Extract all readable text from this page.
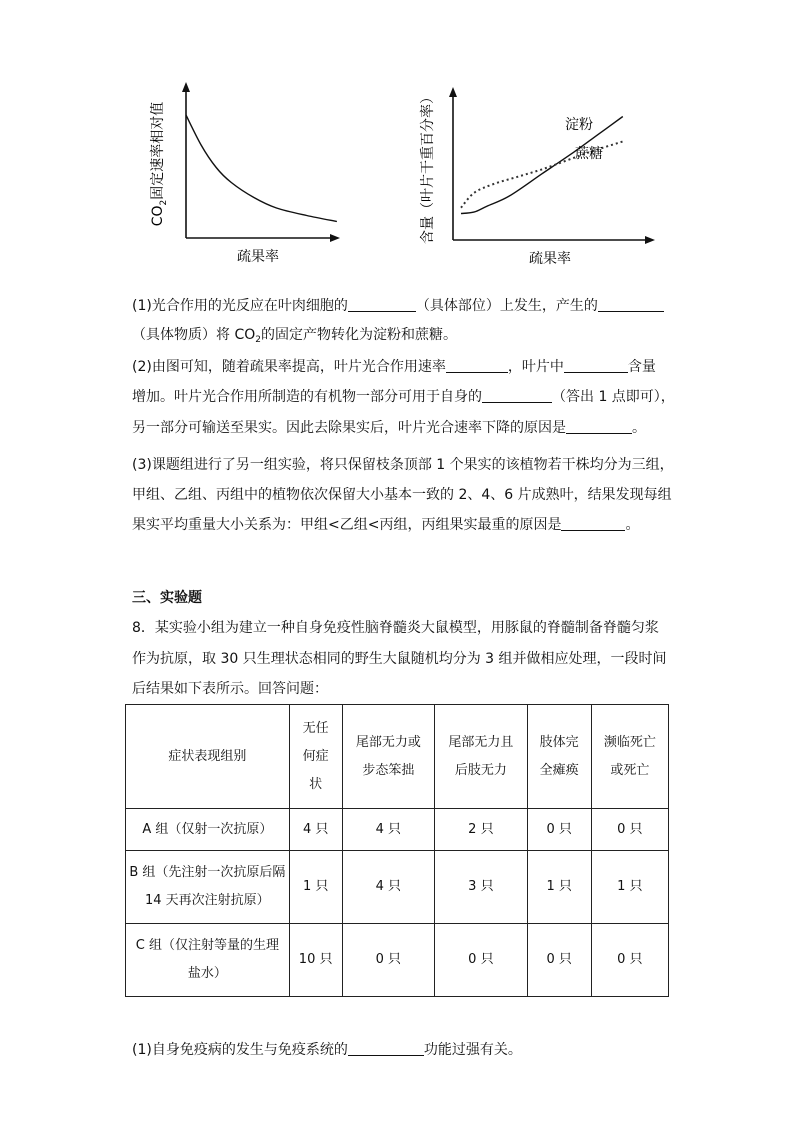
疏果率
$CO_2$固定速率相对值	淀粉
蔗糖
疏果率
含量（叶片干重百分率）
(1)光合作用的光反应在叶肉细胞的	（具体部位）上发生，产生的
（具体物质）将 $CO_2$的固定产物转化为淀粉和蔗糖。
(2)由图可知，随着疏果率提高，叶片光合作用速率	，叶片中	含量
增加。叶片光合作用所制造的有机物一部分可用于自身的	（答出 1 点即可），
另一部分可输送至果实。因此去除果实后，叶片光合速率下降的原因是	。
(3)课题组进行了另一组实验，将只保留枝条顶部 1 个果实的该植物若干株均分为三组，
甲组、乙组、丙组中的植物依次保留大小基本一致的 2、4、6 片成熟叶，结果发现每组
果实平均重量大小关系为：甲组<乙组<丙组，丙组果实最重的原因是	。
三、实验题
8．某实验小组为建立一种自身免疫性脑脊髓炎大鼠模型，用豚鼠的脊髓制备脊髓匀浆
作为抗原，取 30 只生理状态相同的野生大鼠随机均分为 3 组并做相应处理，一段时间
后结果如下表所示。回答问题：
症状表现组别	无任何症状	尾部无力或步态笨拙	尾部无力且后肢无力	肢体完全瘫痪	濒临死亡或死亡
A 组（仅射一次抗原）	4 只	4 只	2 只	0 只	0 只
B 组（先注射一次抗原后隔 14 天再次注射抗原）	1 只	4 只	3 只	1 只	1 只
C 组（仅注射等量的生理盐水）	10 只	0 只	0 只	0 只	0 只
(1)自身免疫病的发生与免疫系统的	功能过强有关。
